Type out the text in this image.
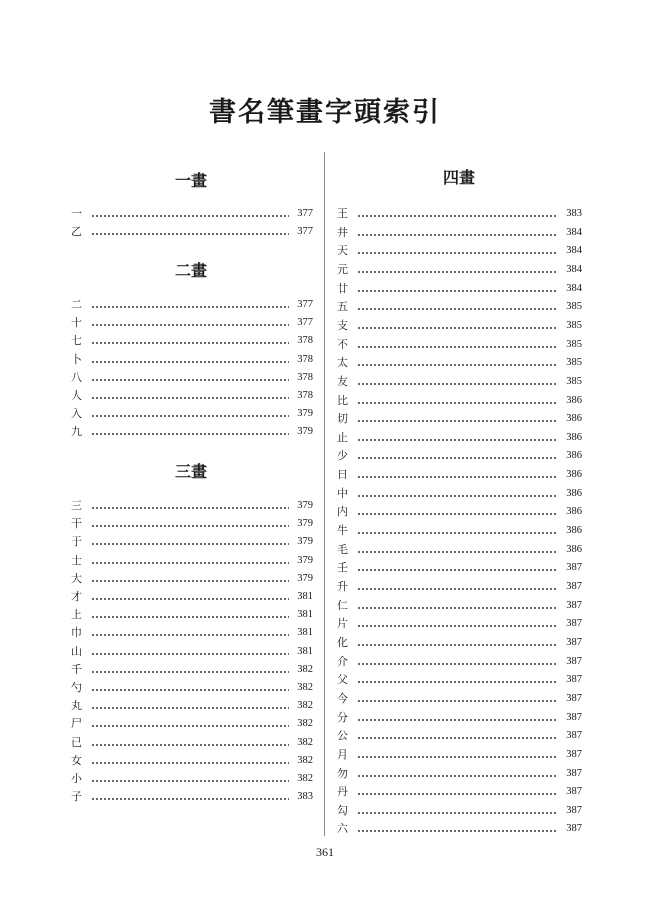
書名筆畫字頭索引
一畫
一	377
乙	377
二畫
二	377
十	377
七	378
卜	378
八	378
人	378
入	379
九	379
三畫
三	379
干	379
于	379
士	379
大	379
才	381
上	381
巾	381
山	381
千	382
勺	382
丸	382
尸	382
已	382
女	382
小	382
子	383
四畫
王	383
井	384
天	384
元	384
廿	384
五	385
支	385
不	385
太	385
友	385
比	386
切	386
止	386
少	386
日	386
中	386
内	386
牛	386
毛	386
壬	387
升	387
仁	387
片	387
化	387
介	387
父	387
今	387
分	387
公	387
月	387
勿	387
丹	387
勾	387
六	387
361
